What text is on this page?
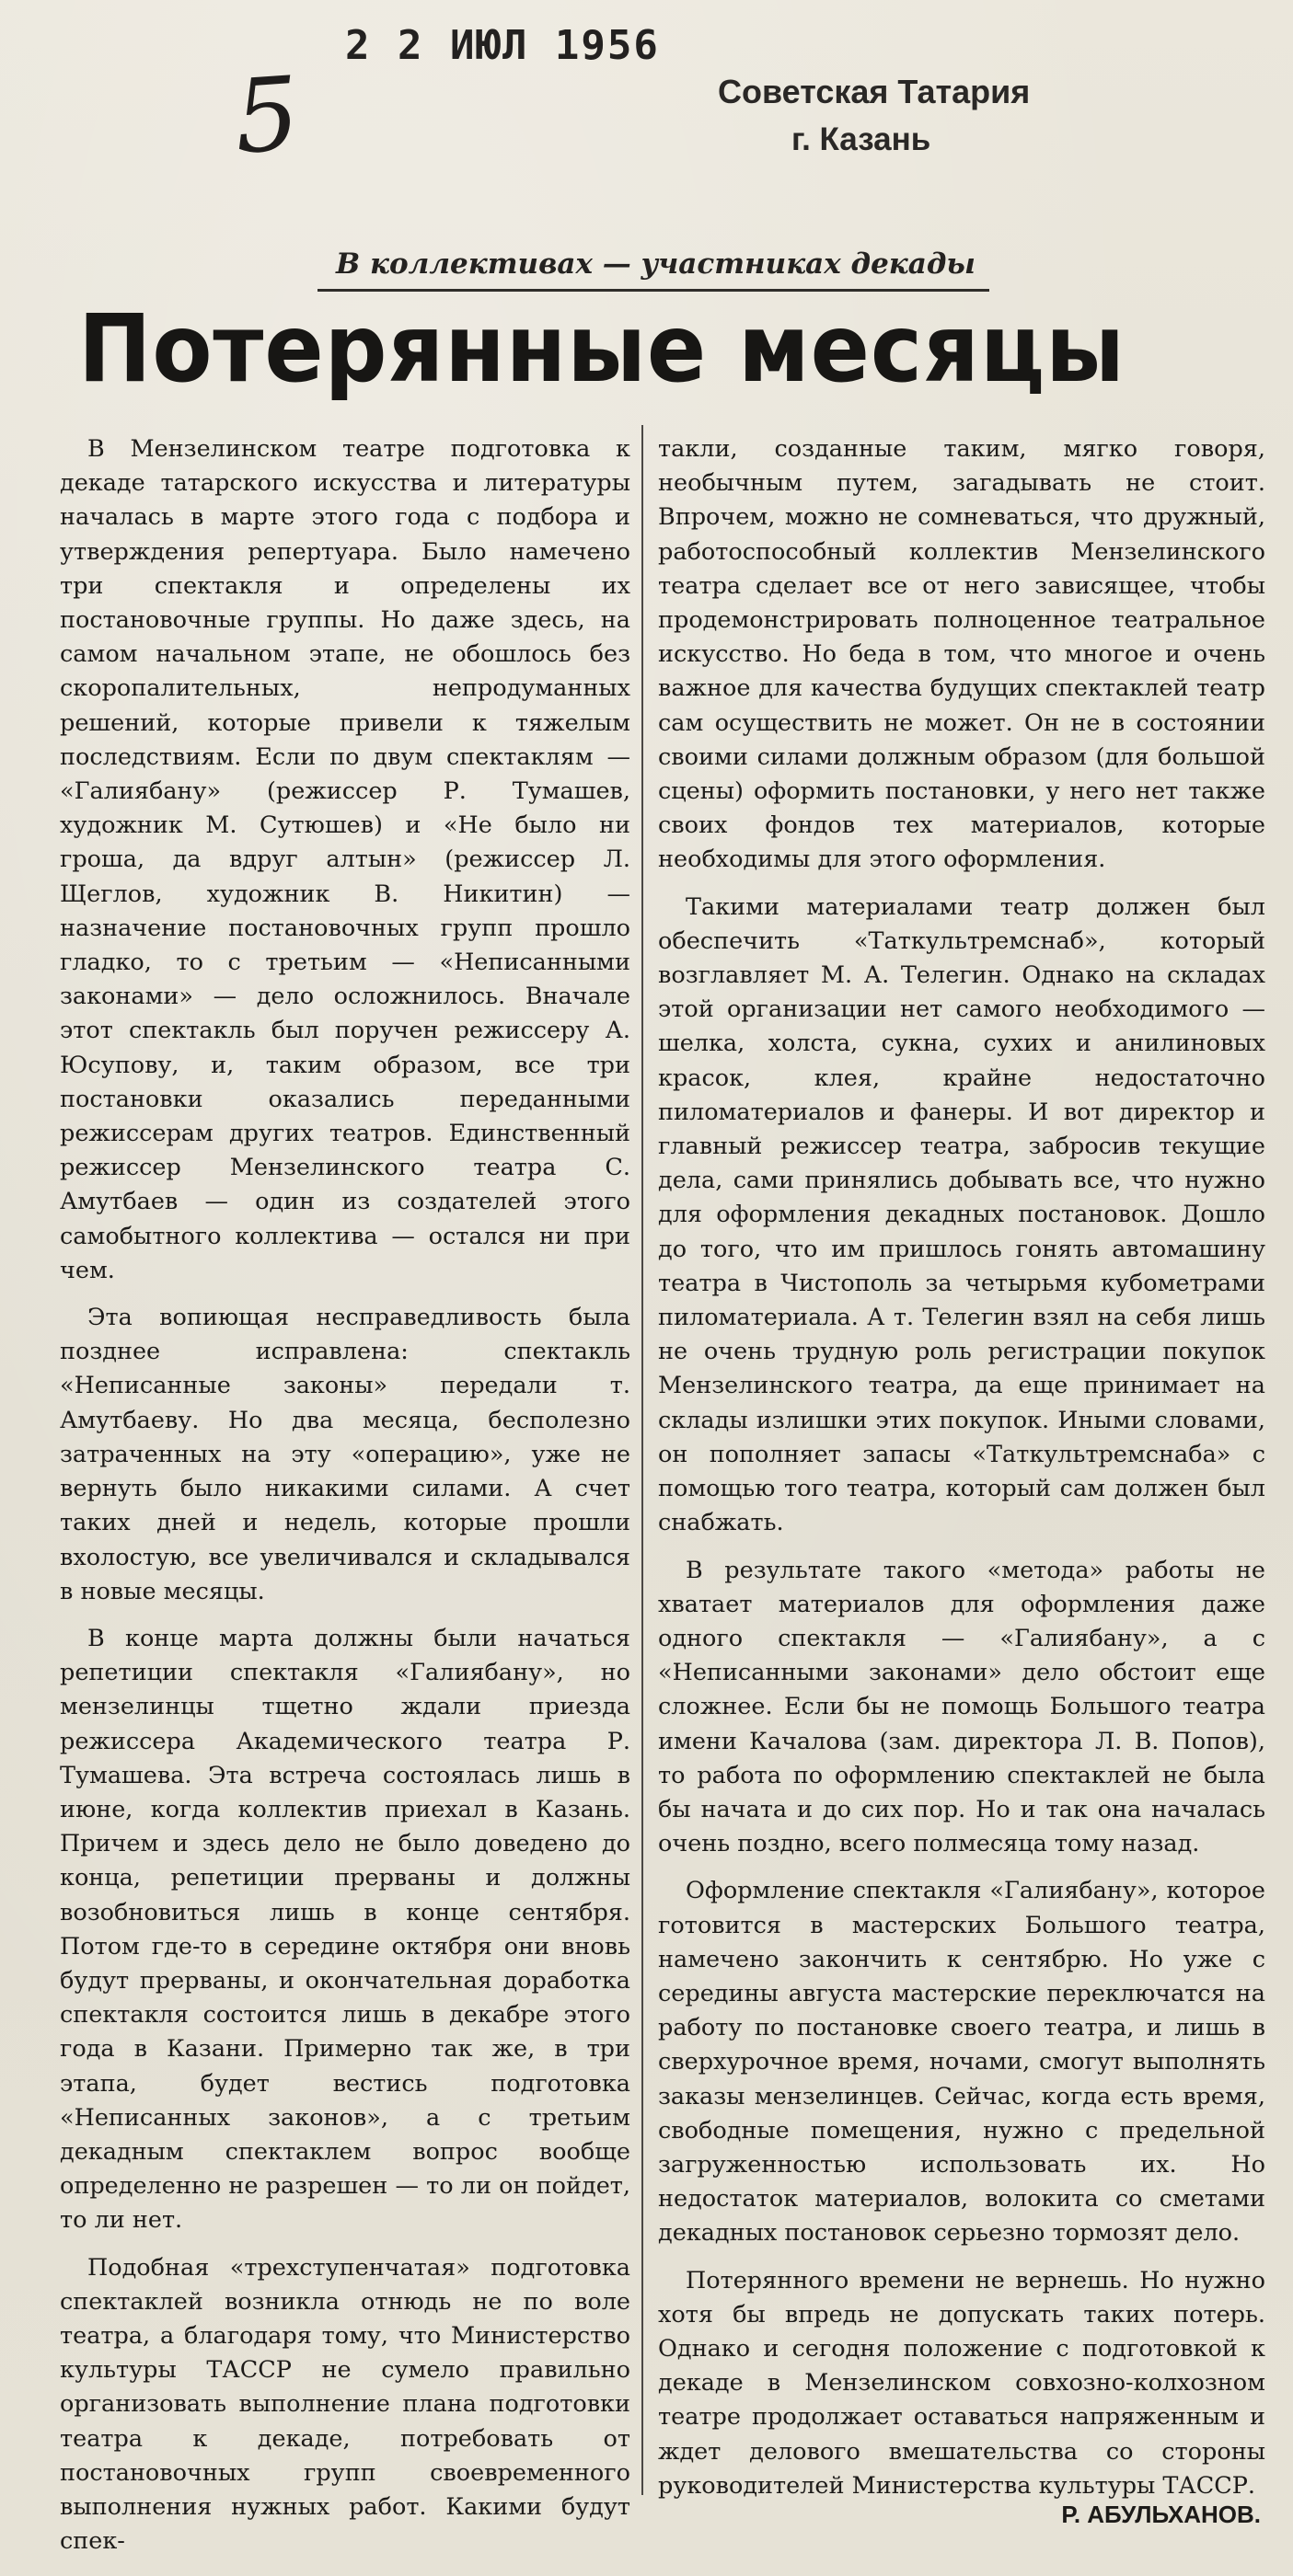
2 2 ИЮЛ 1956
5	Советская Татария
г. Казань
В коллективах — участниках декады
Потерянные месяцы

В Мензелинском театре подготовка к декаде татарского искусства и литературы началась в марте этого года с подбора и утверждения репертуара. Было намечено три спектакля и определены их постановочные группы. Но даже здесь, на самом начальном этапе, не обошлось без скоропалительных, непродуманных решений, которые привели к тяжелым последствиям. Если по двум спектаклям — «Галиябану» (режиссер Р. Тумашев, художник М. Сутюшев) и «Не было ни гроша, да вдруг алтын» (режиссер Л. Щеглов, художник В. Никитин) — назначение постановочных групп прошло гладко, то с третьим — «Неписанными законами» — дело осложнилось. Вначале этот спектакль был поручен режиссеру А. Юсупову, и, таким образом, все три постановки оказались переданными режиссерам других театров. Единственный режиссер Мензелинского театра С. Амутбаев — один из создателей этого самобытного коллектива — остался ни при чем.

Эта вопиющая несправедливость была позднее исправлена: спектакль «Неписанные законы» передали т. Амутбаеву. Но два месяца, бесполезно затраченных на эту «операцию», уже не вернуть было никакими силами. А счет таких дней и недель, которые прошли вхолостую, все увеличивался и складывался в новые месяцы.

В конце марта должны были начаться репетиции спектакля «Галиябану», но мензелинцы тщетно ждали приезда режиссера Академического театра Р. Тумашева. Эта встреча состоялась лишь в июне, когда коллектив приехал в Казань. Причем и здесь дело не было доведено до конца, репетиции прерваны и должны возобновиться лишь в конце сентября. Потом где-то в середине октября они вновь будут прерваны, и окончательная доработка спектакля состоится лишь в декабре этого года в Казани. Примерно так же, в три этапа, будет вестись подготовка «Неписанных законов», а с третьим декадным спектаклем вопрос вообще определенно не разрешен — то ли он пойдет, то ли нет.

Подобная «трехступенчатая» подготовка спектаклей возникла отнюдь не по воле театра, а благодаря тому, что Министерство культуры ТАССР не сумело правильно организовать выполнение плана подготовки театра к декаде, потребовать от постановочных групп своевременного выполнения нужных работ. Какими будут спек-

такли, созданные таким, мягко говоря, необычным путем, загадывать не стоит. Впрочем, можно не сомневаться, что дружный, работоспособный коллектив Мензелинского театра сделает все от него зависящее, чтобы продемонстрировать полноценное театральное искусство. Но беда в том, что многое и очень важное для качества будущих спектаклей театр сам осуществить не может. Он не в состоянии своими силами должным образом (для большой сцены) оформить постановки, у него нет также своих фондов тех материалов, которые необходимы для этого оформления.

Такими материалами театр должен был обеспечить «Таткультремснаб», который возглавляет М. А. Телегин. Однако на складах этой организации нет самого необходимого — шелка, холста, сукна, сухих и анилиновых красок, клея, крайне недостаточно пиломатериалов и фанеры. И вот директор и главный режиссер театра, забросив текущие дела, сами принялись добывать все, что нужно для оформления декадных постановок. Дошло до того, что им пришлось гонять автомашину театра в Чистополь за четырьмя кубометрами пиломатериала. А т. Телегин взял на себя лишь не очень трудную роль регистрации покупок Мензелинского театра, да еще принимает на склады излишки этих покупок. Иными словами, он пополняет запасы «Таткультремснаба» с помощью того театра, который сам должен был снабжать.

В результате такого «метода» работы не хватает материалов для оформления даже одного спектакля — «Галиябану», а с «Неписанными законами» дело обстоит еще сложнее. Если бы не помощь Большого театра имени Качалова (зам. директора Л. В. Попов), то работа по оформлению спектаклей не была бы начата и до сих пор. Но и так она началась очень поздно, всего полмесяца тому назад.

Оформление спектакля «Галиябану», которое готовится в мастерских Большого театра, намечено закончить к сентябрю. Но уже с середины августа мастерские переключатся на работу по постановке своего театра, и лишь в сверхурочное время, ночами, смогут выполнять заказы мензелинцев. Сейчас, когда есть время, свободные помещения, нужно с предельной загруженностью использовать их. Но недостаток материалов, волокита со сметами декадных постановок серьезно тормозят дело.

Потерянного времени не вернешь. Но нужно хотя бы впредь не допускать таких потерь. Однако и сегодня положение с подготовкой к декаде в Мензелинском совхозно-колхозном театре продолжает оставаться напряженным и ждет делового вмешательства со стороны руководителей Министерства культуры ТАССР.

Р. АБУЛЬХАНОВ.
